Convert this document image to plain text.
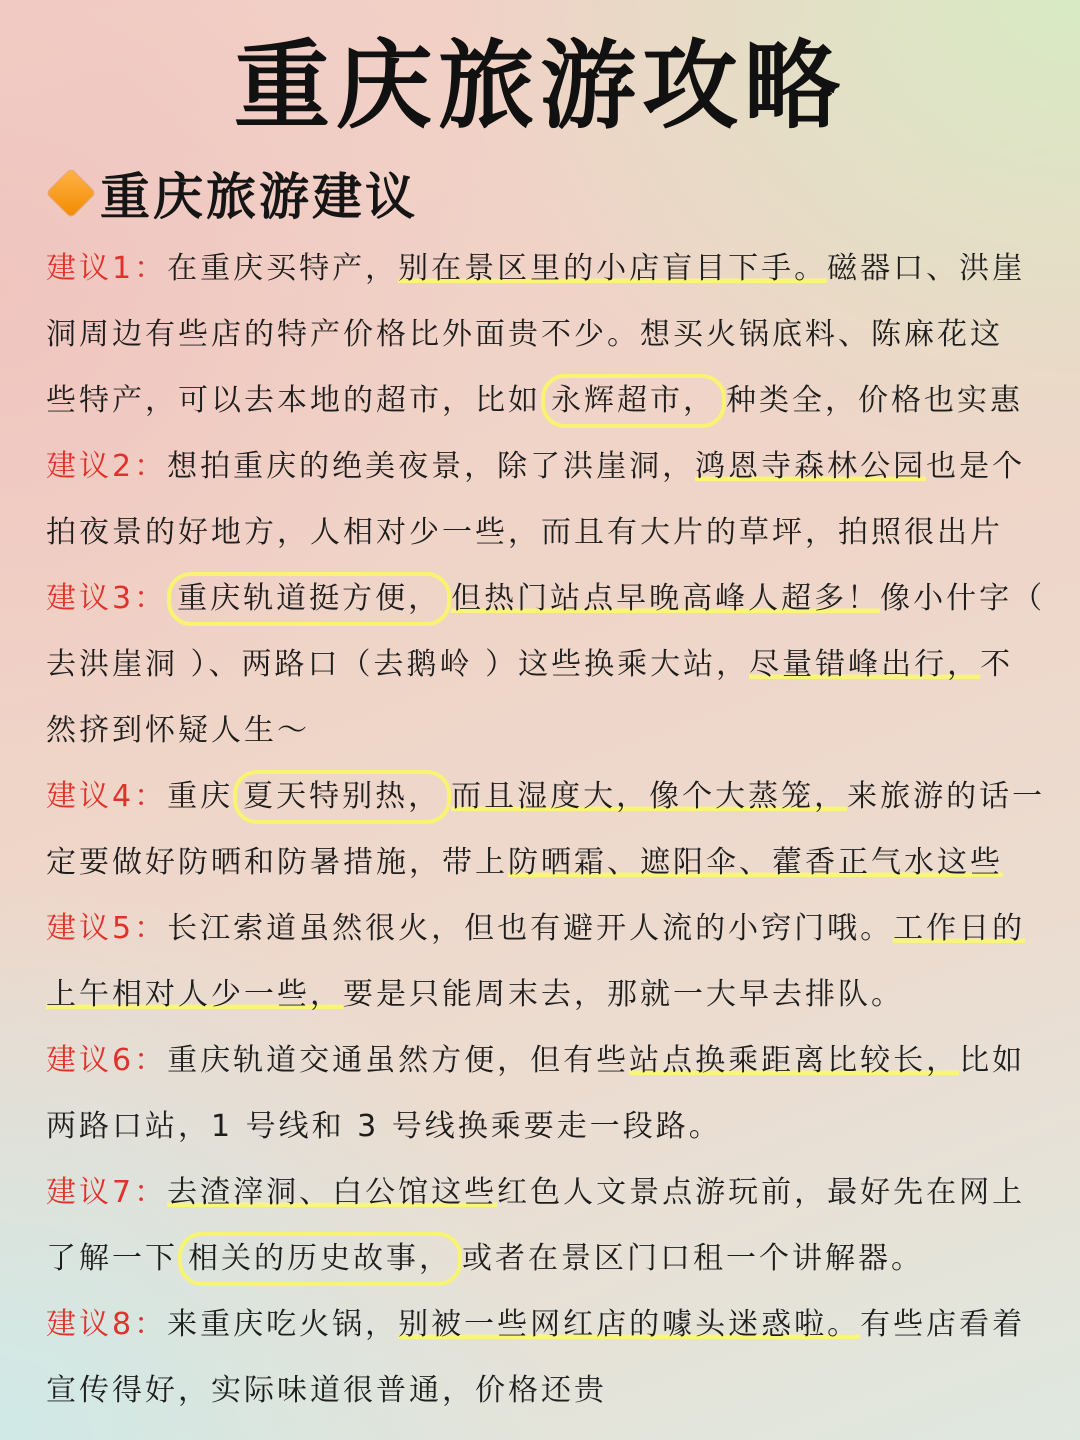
重庆旅游攻略
重庆旅游建议
建议1：在重庆买特产，别在景区里的小店盲目下手。磁器口、洪崖
洞周边有些店的特产价格比外面贵不少。想买火锅底料、陈麻花这
些特产，可以去本地的超市，比如 永辉超市， 种类全，价格也实惠
建议2：想拍重庆的绝美夜景，除了洪崖洞，鸿恩寺森林公园也是个
拍夜景的好地方，人相对少一些，而且有大片的草坪，拍照很出片
建议3： 重庆轨道挺方便， 但热门站点早晚高峰人超多！像小什字（
去洪崖洞 ）、两路口（去鹅岭 ）这些换乘大站，尽量错峰出行，不
然挤到怀疑人生～
建议4：重庆 夏天特别热， 而且湿度大，像个大蒸笼，来旅游的话一
定要做好防晒和防暑措施，带上防晒霜、遮阳伞、藿香正气水这些
建议5：长江索道虽然很火，但也有避开人流的小窍门哦。工作日的
上午相对人少一些，要是只能周末去，那就一大早去排队。
建议6：重庆轨道交通虽然方便，但有些站点换乘距离比较长，比如
两路口站，1 号线和 3 号线换乘要走一段路。
建议7：去渣滓洞、白公馆这些红色人文景点游玩前，最好先在网上
了解一下 相关的历史故事， 或者在景区门口租一个讲解器。
建议8：来重庆吃火锅，别被一些网红店的噱头迷惑啦。有些店看着
宣传得好，实际味道很普通，价格还贵
